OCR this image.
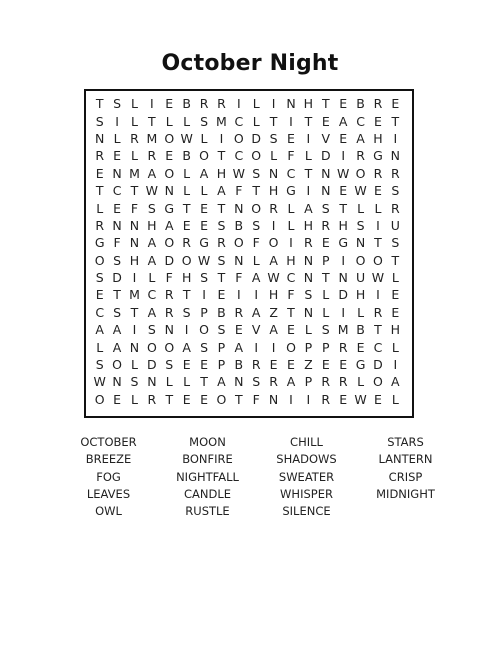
October Night
T S L I E B R R I L I N H T E B R E
S I L T L L S M C L T I T E A C E T
N L R M O W L I O D S E I V E A H I
R E L R E B O T C O L F L D I R G N
E N M A O L A H W S N C T N W O R R
T C T W N L L A F T H G I N E W E S
L E F S G T E T N O R L A S T L L R
R N N H A E E S B S I L H R H S I U
G F N A O R G R O F O I R E G N T S
O S H A D O W S N L A H N P I O O T
S D I L F H S T F A W C N T N U W L
E T M C R T I E I	I H F S L D H I E
C S T A R S P B R A Z T N L I L R E
A A I S N I O S E V A E L S M B T H
L A N O O A S P A I	I O P P R E C L
S O L D S E E P B R E E Z E E G D I
W N S N L L T A N S R A P R R L O A
O E L R T E E O T F N I	I R E W E L
OCTOBER	MOON	CHILL	STARS
BREEZE	BONFIRE	SHADOWS	LANTERN
FOG	NIGHTFALL	SWEATER	CRISP
LEAVES	CANDLE	WHISPER	MIDNIGHT
OWL	RUSTLE	SILENCE
